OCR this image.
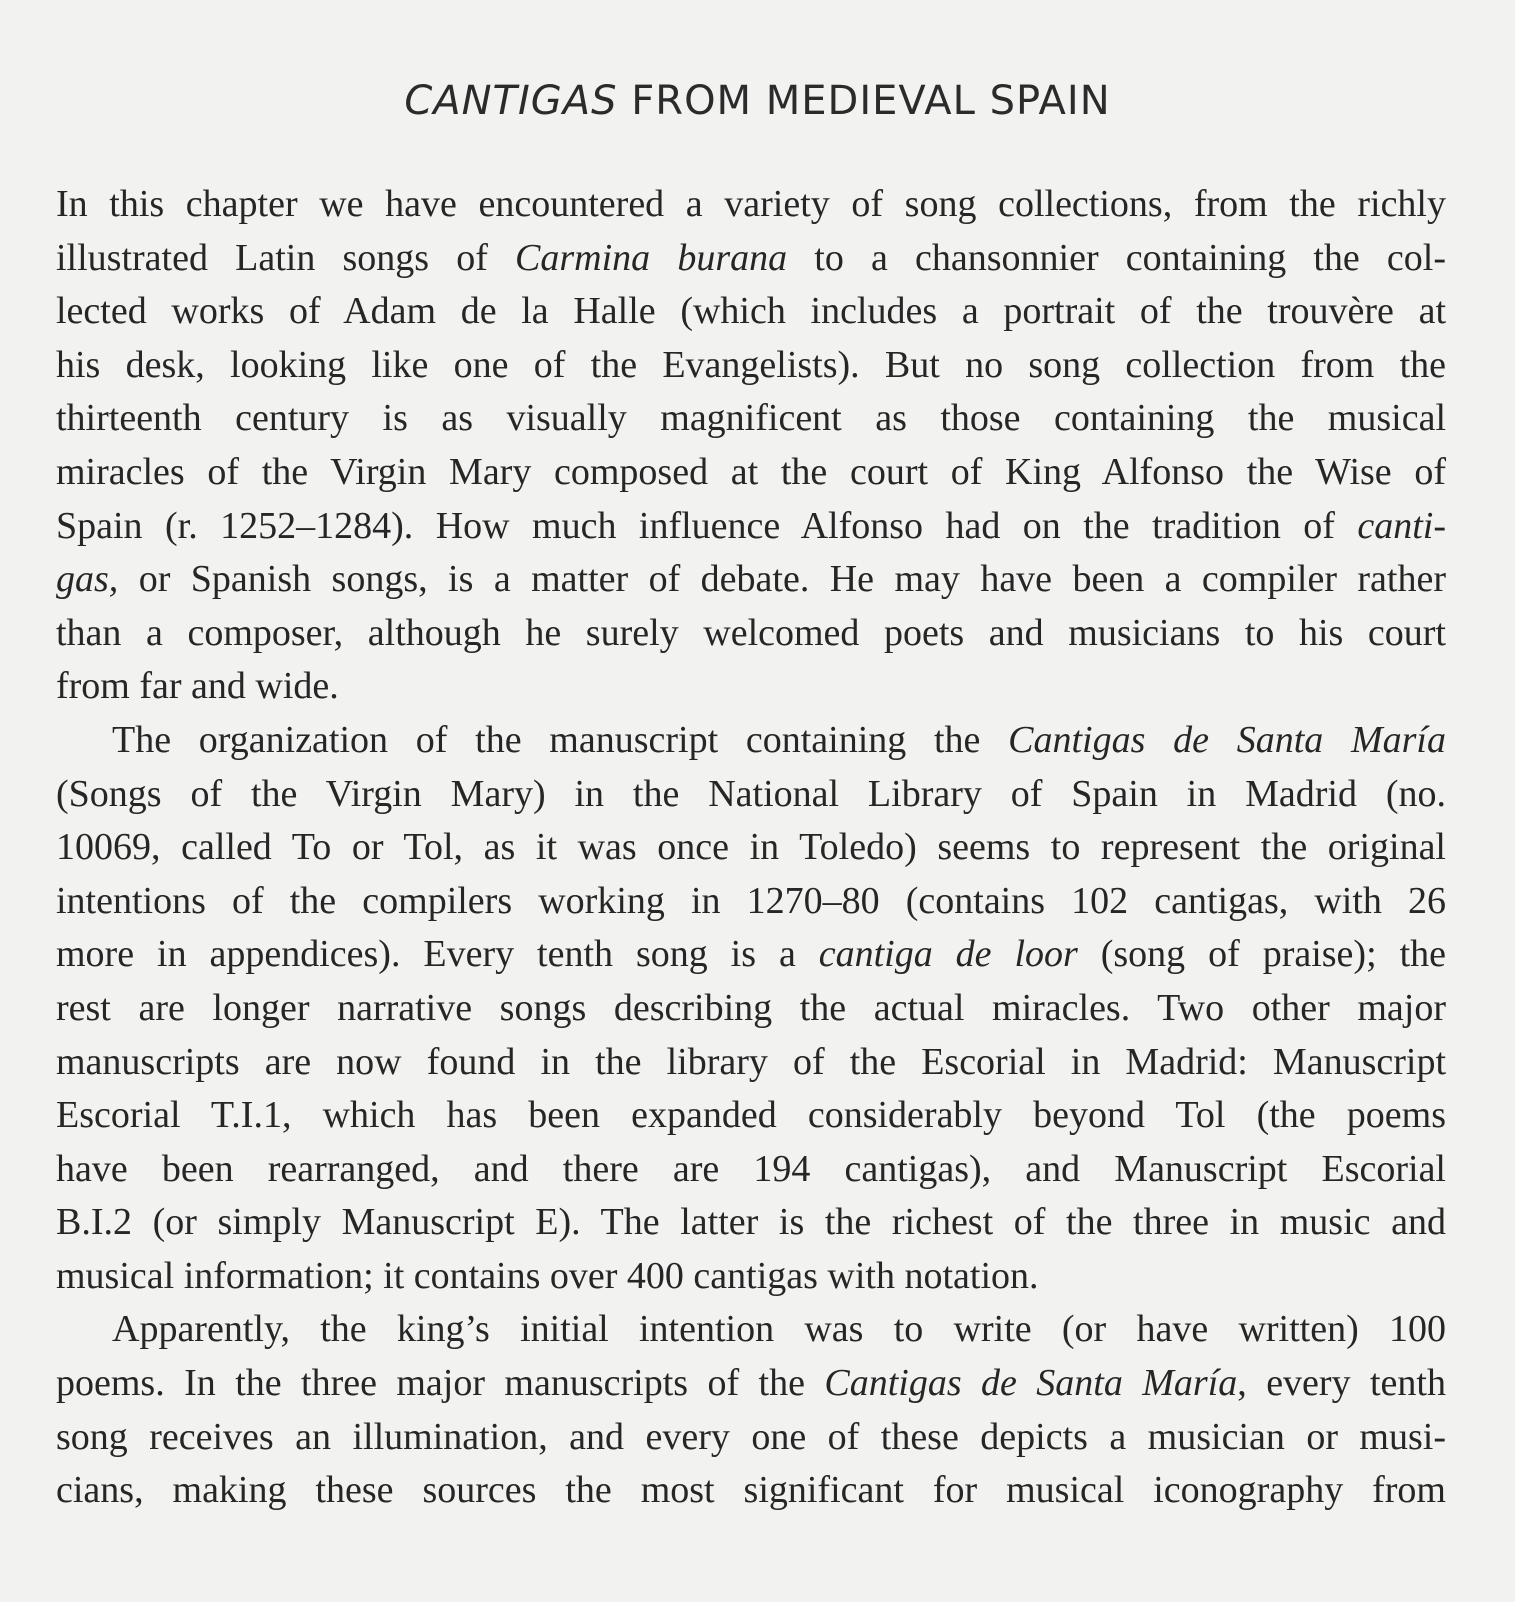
CANTIGAS FROM MEDIEVAL SPAIN
In this chapter we have encountered a variety of song collections, from the richly
illustrated Latin songs of Carmina burana to a chansonnier containing the col-
lected works of Adam de la Halle (which includes a portrait of the trouvère at
his desk, looking like one of the Evangelists). But no song collection from the
thirteenth century is as visually magnificent as those containing the musical
miracles of the Virgin Mary composed at the court of King Alfonso the Wise of
Spain (r. 1252–1284). How much influence Alfonso had on the tradition of canti-
gas, or Spanish songs, is a matter of debate. He may have been a compiler rather
than a composer, although he surely welcomed poets and musicians to his court
from far and wide.
The organization of the manuscript containing the Cantigas de Santa María
(Songs of the Virgin Mary) in the National Library of Spain in Madrid (no.
10069, called To or Tol, as it was once in Toledo) seems to represent the original
intentions of the compilers working in 1270–80 (contains 102 cantigas, with 26
more in appendices). Every tenth song is a cantiga de loor (song of praise); the
rest are longer narrative songs describing the actual miracles. Two other major
manuscripts are now found in the library of the Escorial in Madrid: Manuscript
Escorial T.I.1, which has been expanded considerably beyond Tol (the poems
have been rearranged, and there are 194 cantigas), and Manuscript Escorial
B.I.2 (or simply Manuscript E). The latter is the richest of the three in music and
musical information; it contains over 400 cantigas with notation.
Apparently, the king’s initial intention was to write (or have written) 100
poems. In the three major manuscripts of the Cantigas de Santa María, every tenth
song receives an illumination, and every one of these depicts a musician or musi-
cians, making these sources the most significant for musical iconography from
